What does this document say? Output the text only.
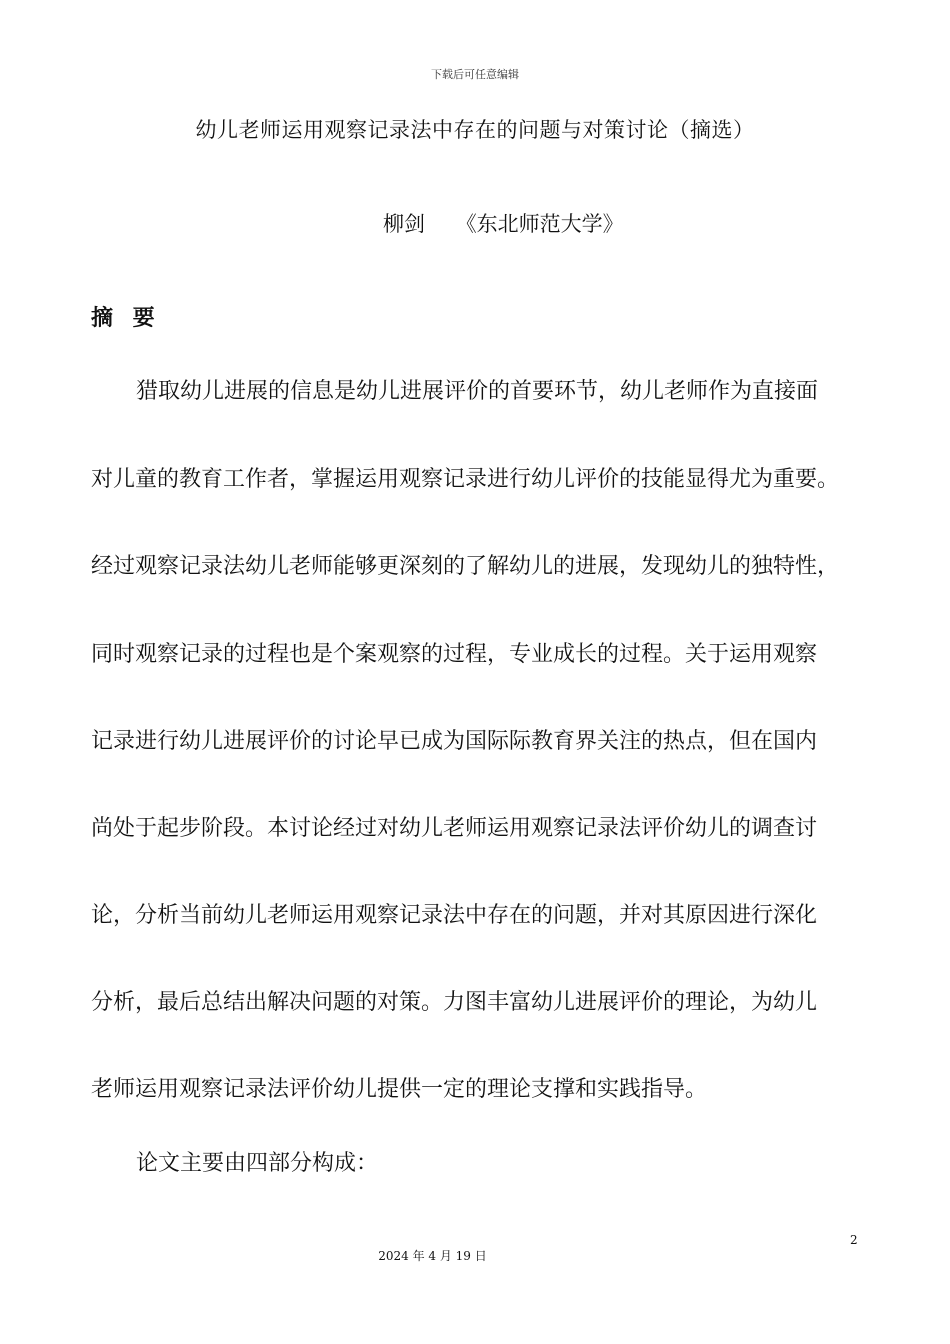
下载后可任意编辑
幼儿老师运用观察记录法中存在的问题与对策讨论（摘选）
柳剑 《东北师范大学》
摘 要
猎取幼儿进展的信息是幼儿进展评价的首要环节，幼儿老师作为直接面
对儿童的教育工作者，掌握运用观察记录进行幼儿评价的技能显得尤为重要。
经过观察记录法幼儿老师能够更深刻的了解幼儿的进展，发现幼儿的独特性，
同时观察记录的过程也是个案观察的过程，专业成长的过程。关于运用观察
记录进行幼儿进展评价的讨论早已成为国际际教育界关注的热点，但在国内
尚处于起步阶段。本讨论经过对幼儿老师运用观察记录法评价幼儿的调查讨
论，分析当前幼儿老师运用观察记录法中存在的问题，并对其原因进行深化
分析，最后总结出解决问题的对策。力图丰富幼儿进展评价的理论，为幼儿
老师运用观察记录法评价幼儿提供一定的理论支撑和实践指导。
论文主要由四部分构成：
2
2024 年 4 月 19 日
